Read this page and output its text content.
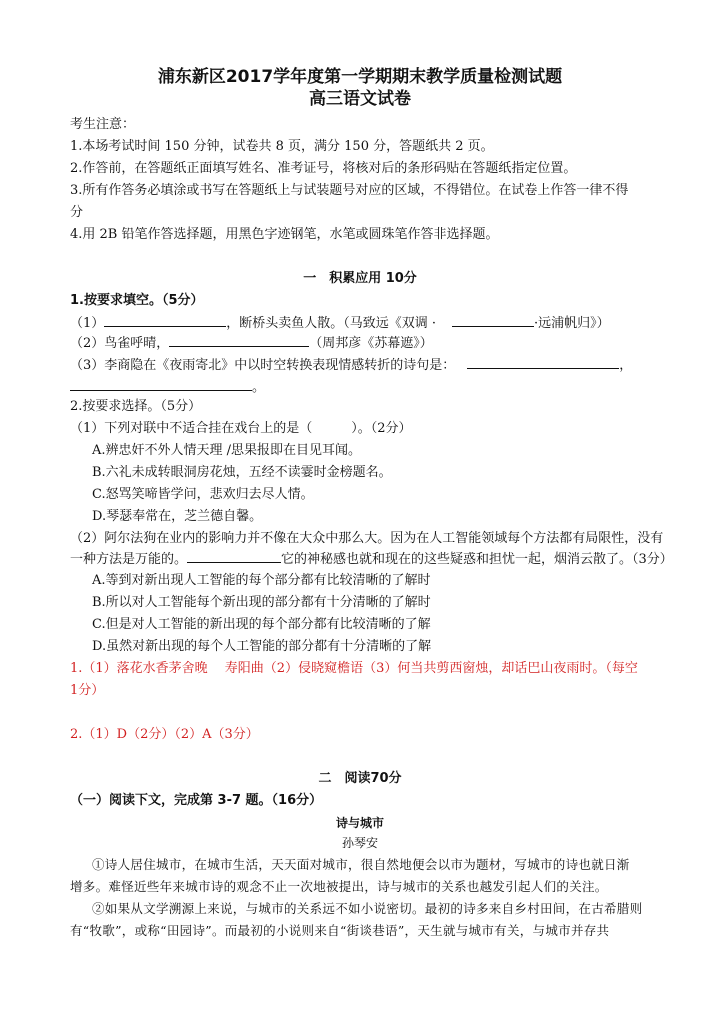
浦东新区2017学年度第一学期期末教学质量检测试题
高三语文试卷
考生注意：
1.本场考试时间 150 分钟，试卷共 8 页，满分 150 分，答题纸共 2 页。
2.作答前，在答题纸正面填写姓名、准考证号，将核对后的条形码贴在答题纸指定位置。
3.所有作答务必填涂或书写在答题纸上与试装题号对应的区域，不得错位。在试卷上作答一律不得
分
4.用 2B 铅笔作答选择题，用黑色字迹钢笔，水笔或圆珠笔作答非选择题。
一　积累应用 10分
1.按要求填空。（5分）
（1）	，断桥头卖鱼人散。（马致远《双调 ·	·远浦帆归》）
（2）鸟雀呼晴，	（周邦彦《苏幕遮》）
（3）李商隐在《夜雨寄北》中以时空转换表现情感转折的诗句是：	，
。
2.按要求选择。（5分）
（1）下列对联中不适合挂在戏台上的是（　　　）。（2分）
A.辨忠奸不外人情天理 /思果报即在目见耳闻。
B.六礼未成转眼洞房花烛，五经不读霎时金榜题名。
C.怒骂笑啼皆学问，悲欢归去尽人情。
D.琴瑟奉常在，芝兰德自馨。
（2）阿尔法狗在业内的影响力并不像在大众中那么大。因为在人工智能领域每个方法都有局限性，没有
一种方法是万能的。	它的神秘感也就和现在的这些疑惑和担忧一起，烟消云散了。（3分）
A.等到对新出现人工智能的每个部分都有比较清晰的了解时
B.所以对人工智能每个新出现的部分都有十分清晰的了解时
C.但是对人工智能的新出现的每个部分都有比较清晰的了解
D.虽然对新出现的每个人工智能的部分都有十分清晰的了解
1.（1）落花水香茅舍晚　 寿阳曲（2）侵晓窥檐语（3）何当共剪西窗烛，却话巴山夜雨时。（每空
1分）
2.（1）D（2分）（2）A（3分）
二　阅读70分
（一）阅读下文，完成第 3-7 题。（16分）
诗与城市
孙琴安
①诗人居住城市，在城市生活，天天面对城市，很自然地便会以市为题材，写城市的诗也就日渐
增多。难怪近些年来城市诗的观念不止一次地被提出，诗与城市的关系也越发引起人们的关注。
②如果从文学溯源上来说，与城市的关系远不如小说密切。最初的诗多来自乡村田间，在古希腊则
有“牧歌”，或称“田园诗”。而最初的小说则来自“街谈巷语”，天生就与城市有关，与城市并存共
